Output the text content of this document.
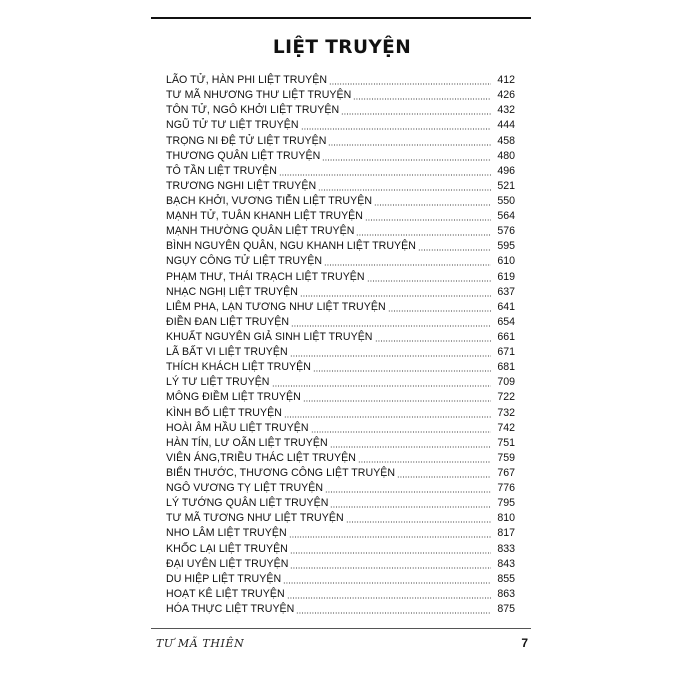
LIỆT TRUYỆN
LÃO TỬ, HÀN PHI LIỆT TRUYỆN	412
TƯ MÃ NHƯƠNG THƯ LIỆT TRUYỆN	426
TÔN TỬ, NGÔ KHỞI LIỆT TRUYỆN	432
NGŨ TỬ TƯ LIỆT TRUYỆN	444
TRỌNG NI ĐỆ TỬ LIỆT TRUYỆN	458
THƯƠNG QUÂN LIỆT TRUYỆN	480
TÔ TẦN LIỆT TRUYỆN	496
TRƯƠNG NGHI LIỆT TRUYỆN	521
BẠCH KHỞI, VƯƠNG TIỄN LIỆT TRUYỆN	550
MẠNH TỬ, TUÂN KHANH LIỆT TRUYỆN	564
MẠNH THƯỜNG QUÂN LIỆT TRUYỆN	576
BÌNH NGUYÊN QUÂN, NGU KHANH LIỆT TRUYỆN	595
NGỤY CÔNG TỬ LIỆT TRUYỆN	610
PHẠM THƯ, THÁI TRẠCH LIỆT TRUYỆN	619
NHẠC NGHỊ LIỆT TRUYỆN	637
LIÊM PHA, LẠN TƯƠNG NHƯ LIỆT TRUYỆN	641
ĐIỀN ĐAN LIỆT TRUYỆN	654
KHUẤT NGUYÊN GIẢ SINH LIỆT TRUYỆN	661
LÃ BẤT VI LIỆT TRUYỆN	671
THÍCH KHÁCH LIỆT TRUYỆN	681
LÝ TƯ LIỆT TRUYỆN	709
MÔNG ĐIỀM LIỆT TRUYỆN	722
KÌNH BỐ LIỆT TRUYỆN	732
HOÀI ÂM HẦU LIỆT TRUYỆN	742
HÀN TÍN, LƯ OÃN LIỆT TRUYỆN	751
VIÊN ÁNG,TRIỀU THÁC LIỆT TRUYỆN	759
BIỂN THƯỚC, THƯƠNG CÔNG LIỆT TRUYỆN	767
NGÔ VƯƠNG TỴ LIỆT TRUYỆN	776
LÝ TƯỚNG QUÂN LIỆT TRUYỆN	795
TƯ MÃ TƯƠNG NHƯ LIỆT TRUYỆN	810
NHO LÂM LIỆT TRUYỆN	817
KHỐC LẠI LIỆT TRUYỆN	833
ĐẠI UYÊN LIỆT TRUYỆN	843
DU HIỆP LIỆT TRUYỆN	855
HOẠT KÊ LIỆT TRUYỆN	863
HÓA THỰC LIỆT TRUYỆN	875
TƯ MÃ THIÊN	7
